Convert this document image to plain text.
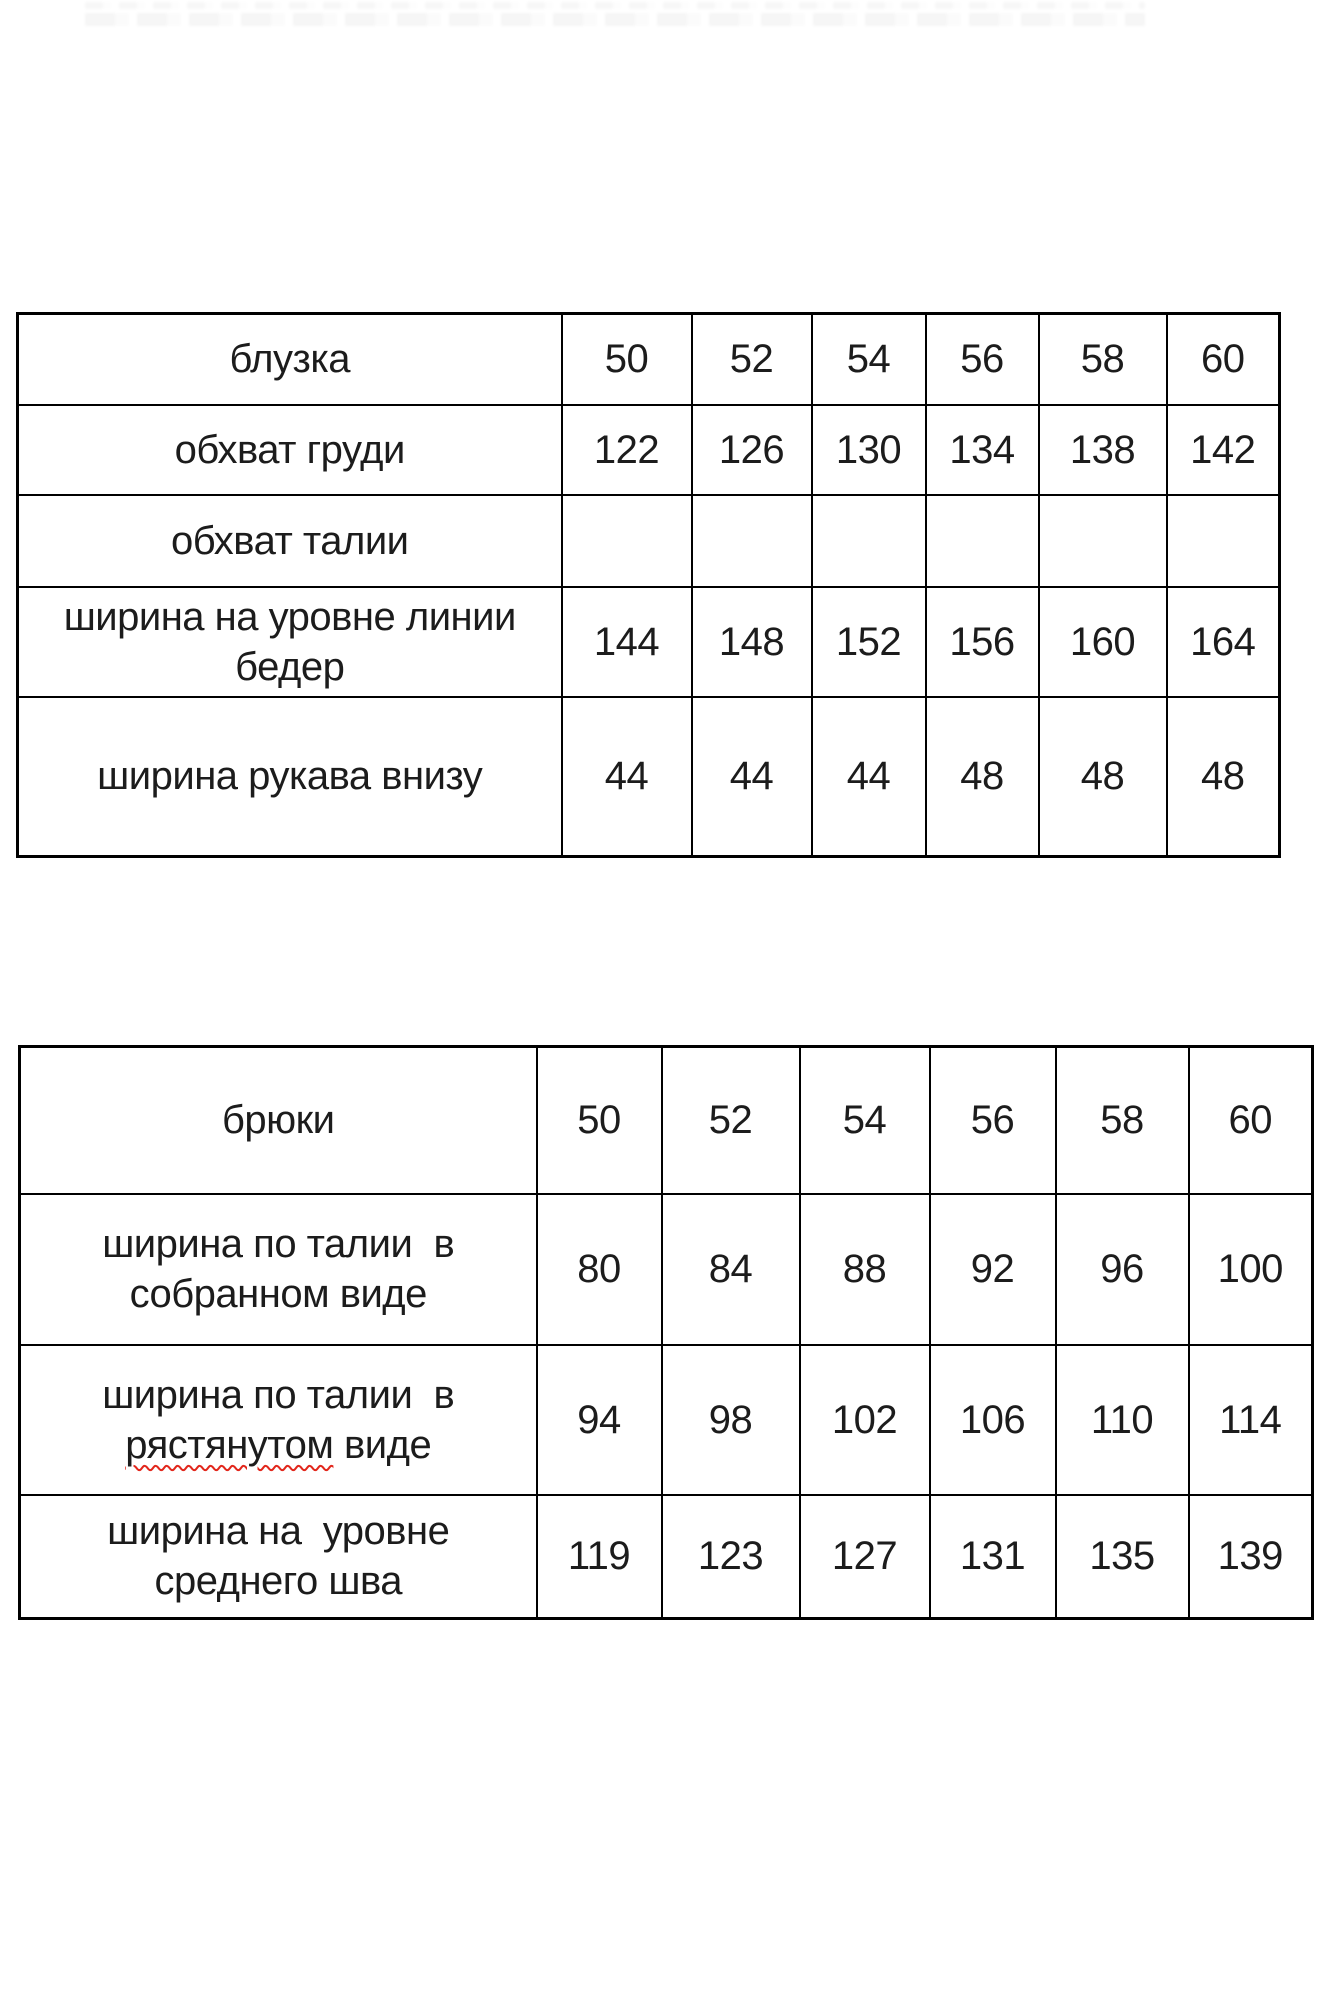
блузка	50	52	54	56	58	60
обхват груди	122	126	130	134	138	142
обхват талии						

ширина на уровне линии
бедер	144	148	152	156	160	164
ширина рукава внизу	44	44	44	48	48	48
брюки	50	52	54	56	58	60

ширина по талии  в
собранном виде	80	84	88	92	96	100

ширина по талии  в
рястянутом виде	94	98	102	106	110	114

ширина на  уровне
среднего шва	119	123	127	131	135	139
